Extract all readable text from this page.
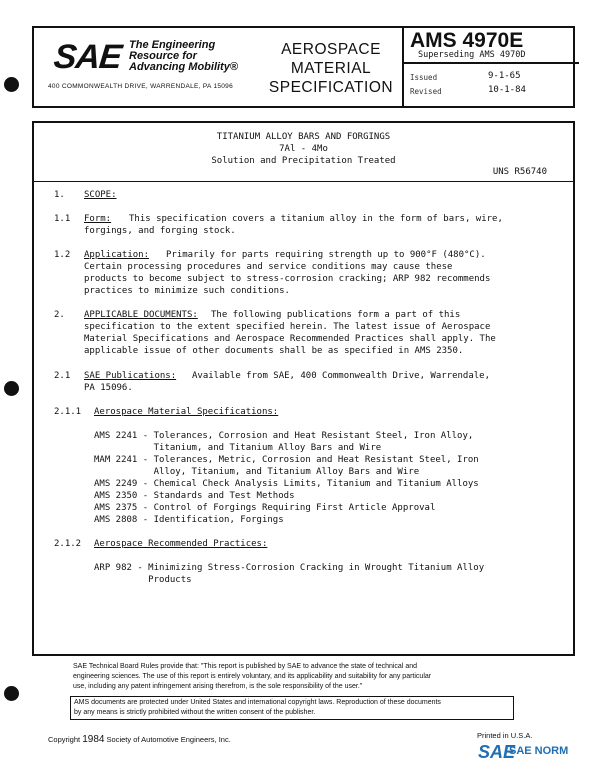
SAE The Engineering
Resource for
Advancing Mobility®
400 COMMONWEALTH DRIVE, WARRENDALE, PA 15096
AEROSPACE
MATERIAL
SPECIFICATION
AMS 4970E
Superseding AMS 4970D
Issued	9-1-65
Revised	10-1-84
TITANIUM ALLOY BARS AND FORGINGS
7Al - 4Mo
Solution and Precipitation Treated
UNS R56740
1. SCOPE:
1.1 Form: This specification covers a titanium alloy in the form of bars, wire,
forgings, and forging stock.
1.2 Application: Primarily for parts requiring strength up to 900°F (480°C).
Certain processing procedures and service conditions may cause these
products to become subject to stress-corrosion cracking; ARP 982 recommends
practices to minimize such conditions.
2. APPLICABLE DOCUMENTS: The following publications form a part of this
specification to the extent specified herein. The latest issue of Aerospace
Material Specifications and Aerospace Recommended Practices shall apply. The
applicable issue of other documents shall be as specified in AMS 2350.
2.1 SAE Publications: Available from SAE, 400 Commonwealth Drive, Warrendale,
PA 15096.
2.1.1 Aerospace Material Specifications:
AMS 2241 - Tolerances, Corrosion and Heat Resistant Steel, Iron Alloy,
Titanium, and Titanium Alloy Bars and Wire
MAM 2241 - Tolerances, Metric, Corrosion and Heat Resistant Steel, Iron
Alloy, Titanium, and Titanium Alloy Bars and Wire
AMS 2249 - Chemical Check Analysis Limits, Titanium and Titanium Alloys
AMS 2350 - Standards and Test Methods
AMS 2375 - Control of Forgings Requiring First Article Approval
AMS 2808 - Identification, Forgings
2.1.2 Aerospace Recommended Practices:
ARP 982 - Minimizing Stress-Corrosion Cracking in Wrought Titanium Alloy
Products
SAE Technical Board Rules provide that: "This report is published by SAE to advance the state of technical and
engineering sciences. The use of this report is entirely voluntary, and its applicability and suitability for any particular
use, including any patent infringement arising therefrom, is the sole responsibility of the user."
AMS documents are protected under United States and international copyright laws. Reproduction of these documents
by any means is strictly prohibited without the written consent of the publisher.
Copyright 1984 Society of Automotive Engineers, Inc.	Printed in U.S.A.
SAE
SAE NORM
